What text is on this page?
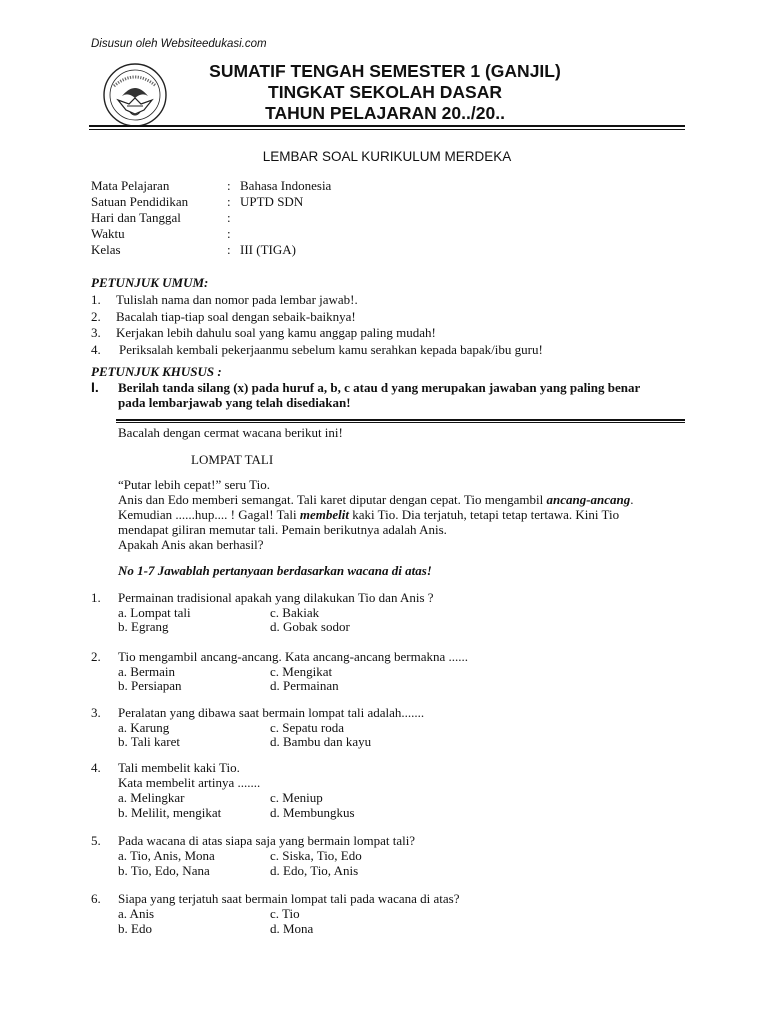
Disusun oleh Websiteedukasi.com
SUMATIF TENGAH SEMESTER 1 (GANJIL)
TINGKAT SEKOLAH DASAR
TAHUN PELAJARAN 20../20..
LEMBAR SOAL KURIKULUM MERDEKA
Mata Pelajaran	: Bahasa Indonesia
Satuan Pendidikan	: UPTD SDN
Hari dan Tanggal	:
Waktu	:
Kelas	: III (TIGA)
PETUNJUK UMUM:
1. Tulislah nama dan nomor pada lembar jawab!.
2. Bacalah tiap-tiap soal dengan sebaik-baiknya!
3. Kerjakan lebih dahulu soal yang kamu anggap paling mudah!
4. Periksalah kembali pekerjaanmu sebelum kamu serahkan kepada bapak/ibu guru!
PETUNJUK KHUSUS :
I. Berilah tanda silang (x) pada huruf a, b, c atau d yang merupakan jawaban yang paling benar
pada lembarjawab yang telah disediakan!
Bacalah dengan cermat wacana berikut ini!
LOMPAT TALI
“Putar lebih cepat!” seru Tio.
Anis dan Edo memberi semangat. Tali karet diputar dengan cepat. Tio mengambil ancang-ancang.
Kemudian ......hup.... ! Gagal! Tali membelit kaki Tio. Dia terjatuh, tetapi tetap tertawa. Kini Tio
mendapat giliran memutar tali. Pemain berikutnya adalah Anis.
Apakah Anis akan berhasil?
No 1-7 Jawablah pertanyaan berdasarkan wacana di atas!
1. Permainan tradisional apakah yang dilakukan Tio dan Anis ?
a. Lompat tali	c. Bakiak
b. Egrang	d. Gobak sodor
2. Tio mengambil ancang-ancang. Kata ancang-ancang bermakna ......
a. Bermain	c. Mengikat
b. Persiapan	d. Permainan
3. Peralatan yang dibawa saat bermain lompat tali adalah.......
a. Karung	c. Sepatu roda
b. Tali karet	d. Bambu dan kayu
4. Tali membelit kaki Tio.
Kata membelit artinya .......
a. Melingkar	c. Meniup
b. Melilit, mengikat	d. Membungkus
5. Pada wacana di atas siapa saja yang bermain lompat tali?
a. Tio, Anis, Mona	c. Siska, Tio, Edo
b. Tio, Edo, Nana	d. Edo, Tio, Anis
6. Siapa yang terjatuh saat bermain lompat tali pada wacana di atas?
a. Anis	c. Tio
b. Edo	d. Mona
